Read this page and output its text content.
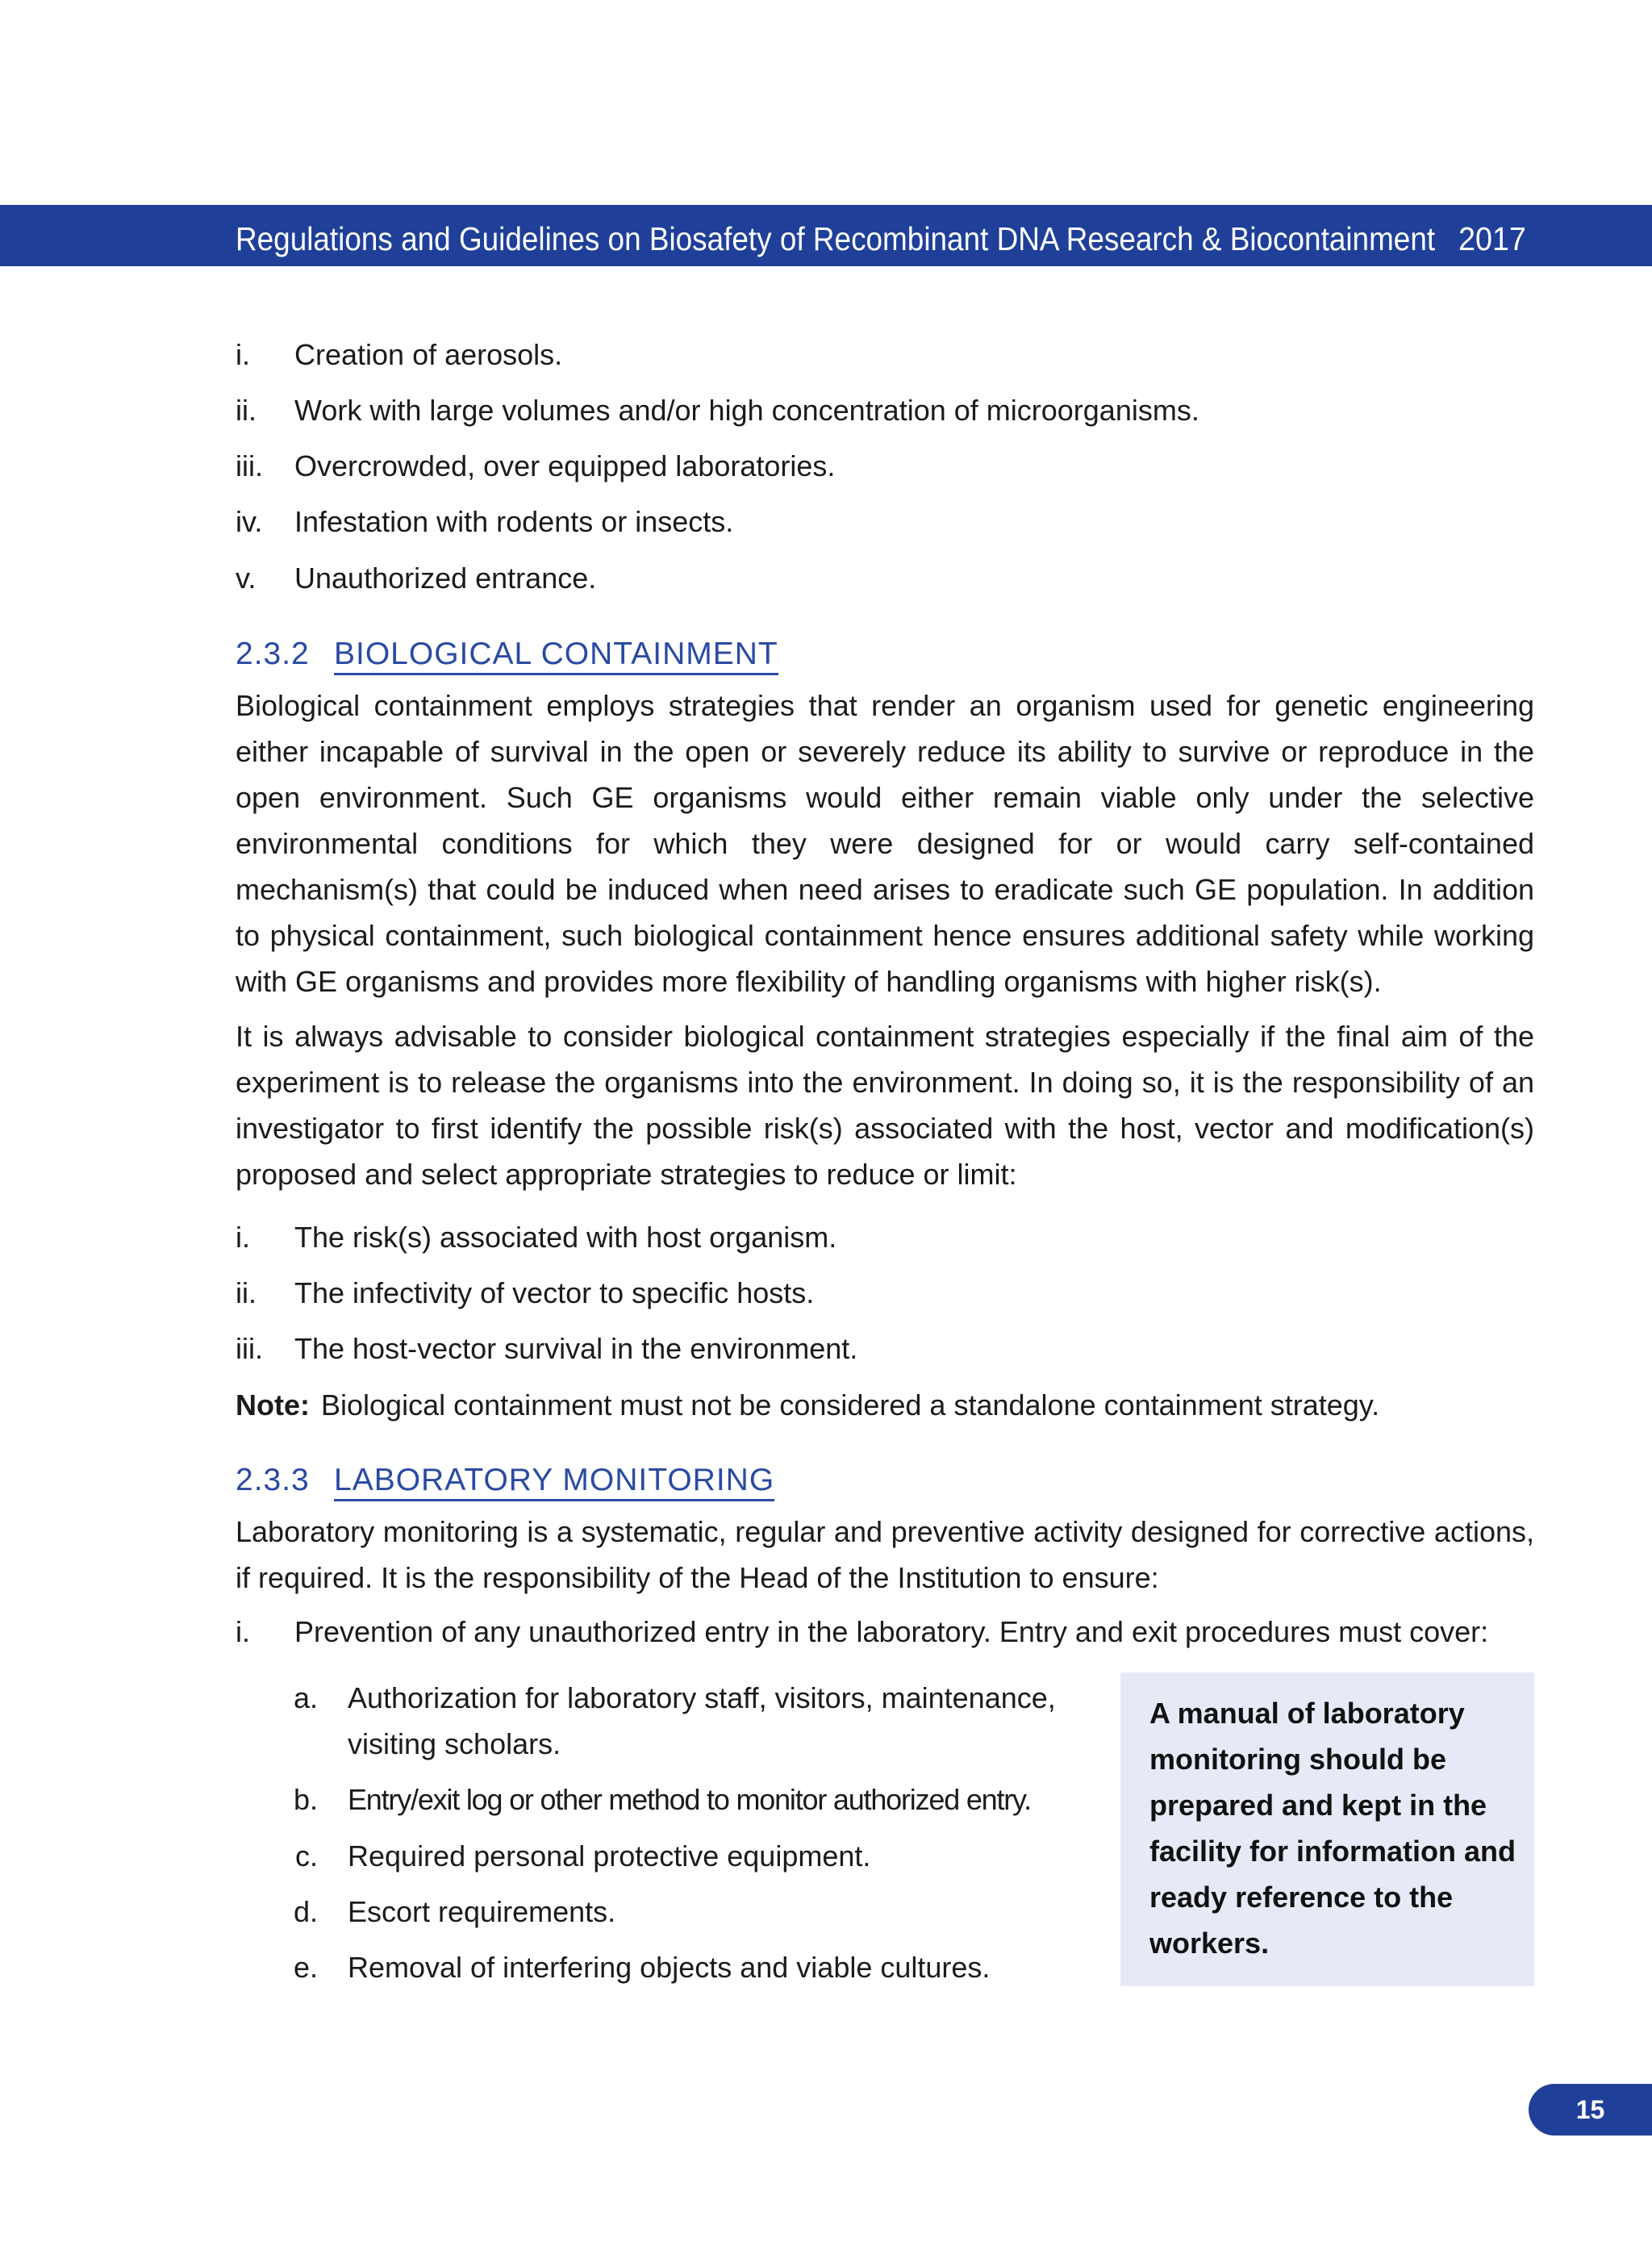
Regulations and Guidelines on Biosafety of Recombinant DNA Research & Biocontainment 2017
i. Creation of aerosols.
ii. Work with large volumes and/or high concentration of microorganisms.
iii. Overcrowded, over equipped laboratories.
iv. Infestation with rodents or insects.
v. Unauthorized entrance.
2.3.2 BIOLOGICAL CONTAINMENT
Biological containment employs strategies that render an organism used for genetic engineering either incapable of survival in the open or severely reduce its ability to survive or reproduce in the open environment. Such GE organisms would either remain viable only under the selective environmental conditions for which they were designed for or would carry self-contained mechanism(s) that could be induced when need arises to eradicate such GE population. In addition to physical containment, such biological containment hence ensures additional safety while working with GE organisms and provides more flexibility of handling organisms with higher risk(s).
It is always advisable to consider biological containment strategies especially if the final aim of the experiment is to release the organisms into the environment. In doing so, it is the responsibility of an investigator to first identify the possible risk(s) associated with the host, vector and modification(s) proposed and select appropriate strategies to reduce or limit:
i. The risk(s) associated with host organism.
ii. The infectivity of vector to specific hosts.
iii. The host-vector survival in the environment.
Note: Biological containment must not be considered a standalone containment strategy.
2.3.3 LABORATORY MONITORING
Laboratory monitoring is a systematic, regular and preventive activity designed for corrective actions, if required. It is the responsibility of the Head of the Institution to ensure:
i. Prevention of any unauthorized entry in the laboratory. Entry and exit procedures must cover:
a. Authorization for laboratory staff, visitors, maintenance, visiting scholars.
b. Entry/exit log or other method to monitor authorized entry.
c. Required personal protective equipment.
d. Escort requirements.
e. Removal of interfering objects and viable cultures.
A manual of laboratory monitoring should be prepared and kept in the facility for information and ready reference to the workers.
15
